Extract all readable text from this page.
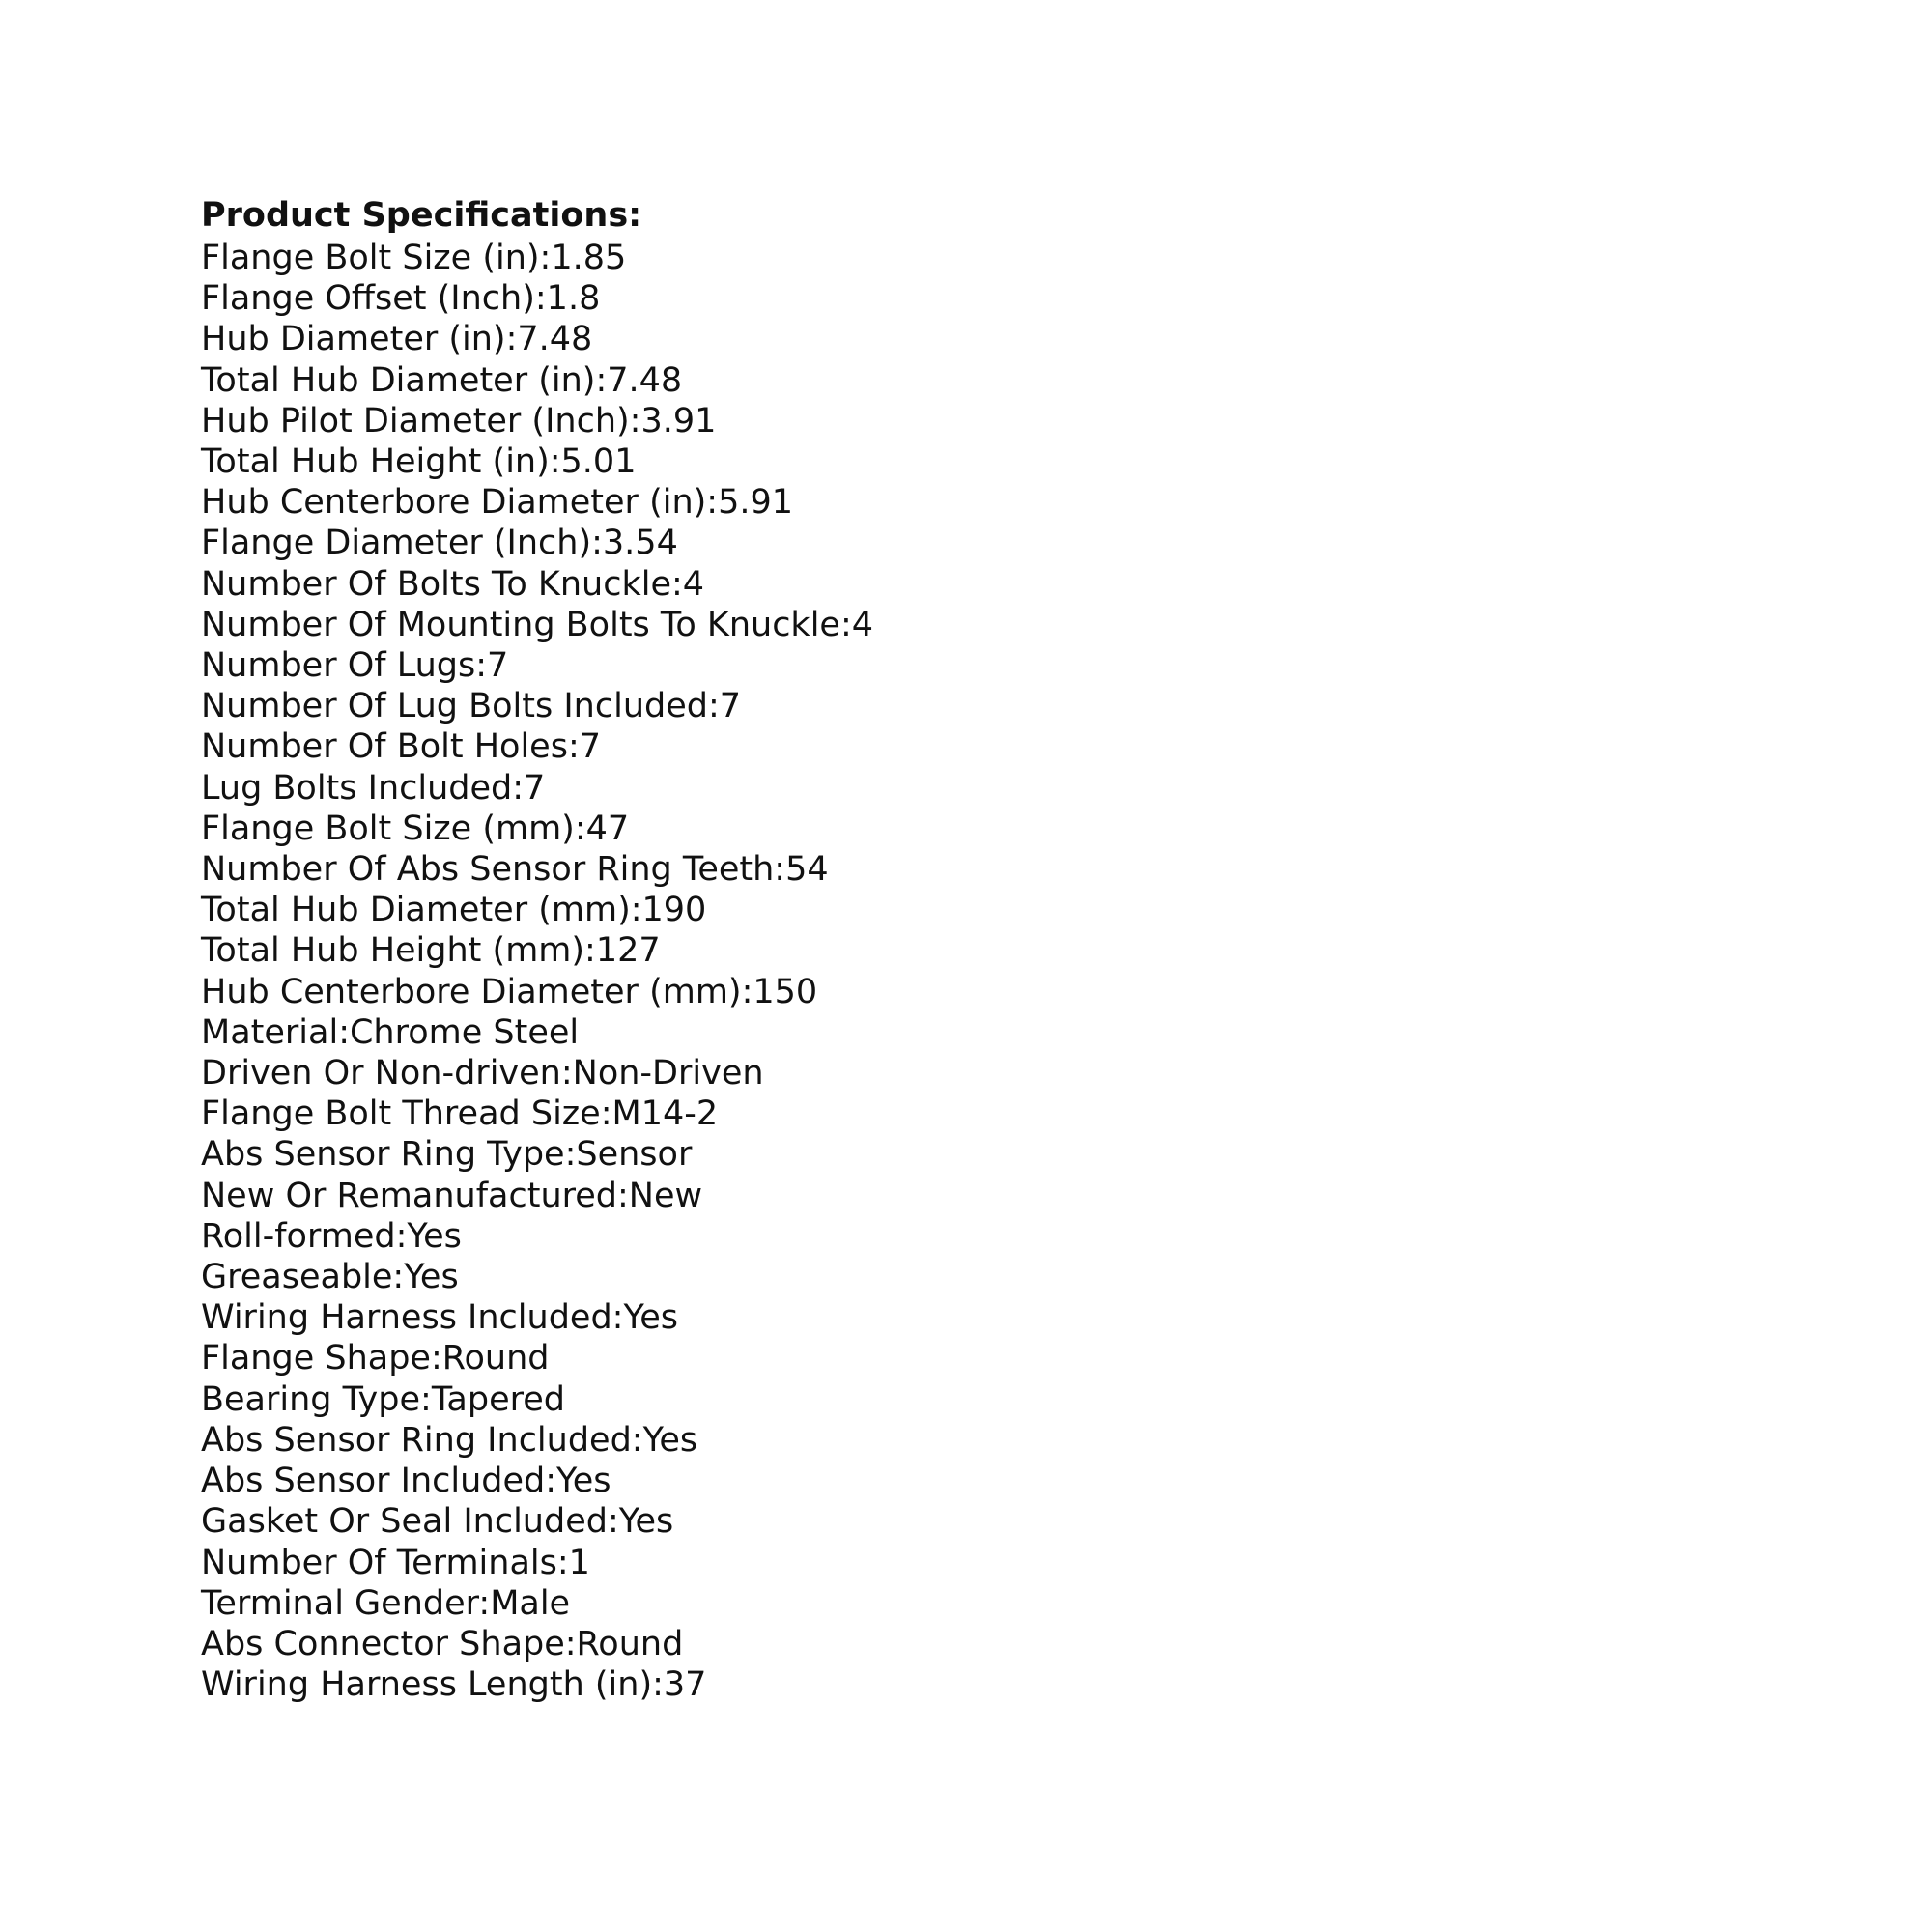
Product Specifications:
Flange Bolt Size (in):1.85
Flange Offset (Inch):1.8
Hub Diameter (in):7.48
Total Hub Diameter (in):7.48
Hub Pilot Diameter (Inch):3.91
Total Hub Height (in):5.01
Hub Centerbore Diameter (in):5.91
Flange Diameter (Inch):3.54
Number Of Bolts To Knuckle:4
Number Of Mounting Bolts To Knuckle:4
Number Of Lugs:7
Number Of Lug Bolts Included:7
Number Of Bolt Holes:7
Lug Bolts Included:7
Flange Bolt Size (mm):47
Number Of Abs Sensor Ring Teeth:54
Total Hub Diameter (mm):190
Total Hub Height (mm):127
Hub Centerbore Diameter (mm):150
Material:Chrome Steel
Driven Or Non-driven:Non-Driven
Flange Bolt Thread Size:M14-2
Abs Sensor Ring Type:Sensor
New Or Remanufactured:New
Roll-formed:Yes
Greaseable:Yes
Wiring Harness Included:Yes
Flange Shape:Round
Bearing Type:Tapered
Abs Sensor Ring Included:Yes
Abs Sensor Included:Yes
Gasket Or Seal Included:Yes
Number Of Terminals:1
Terminal Gender:Male
Abs Connector Shape:Round
Wiring Harness Length (in):37
